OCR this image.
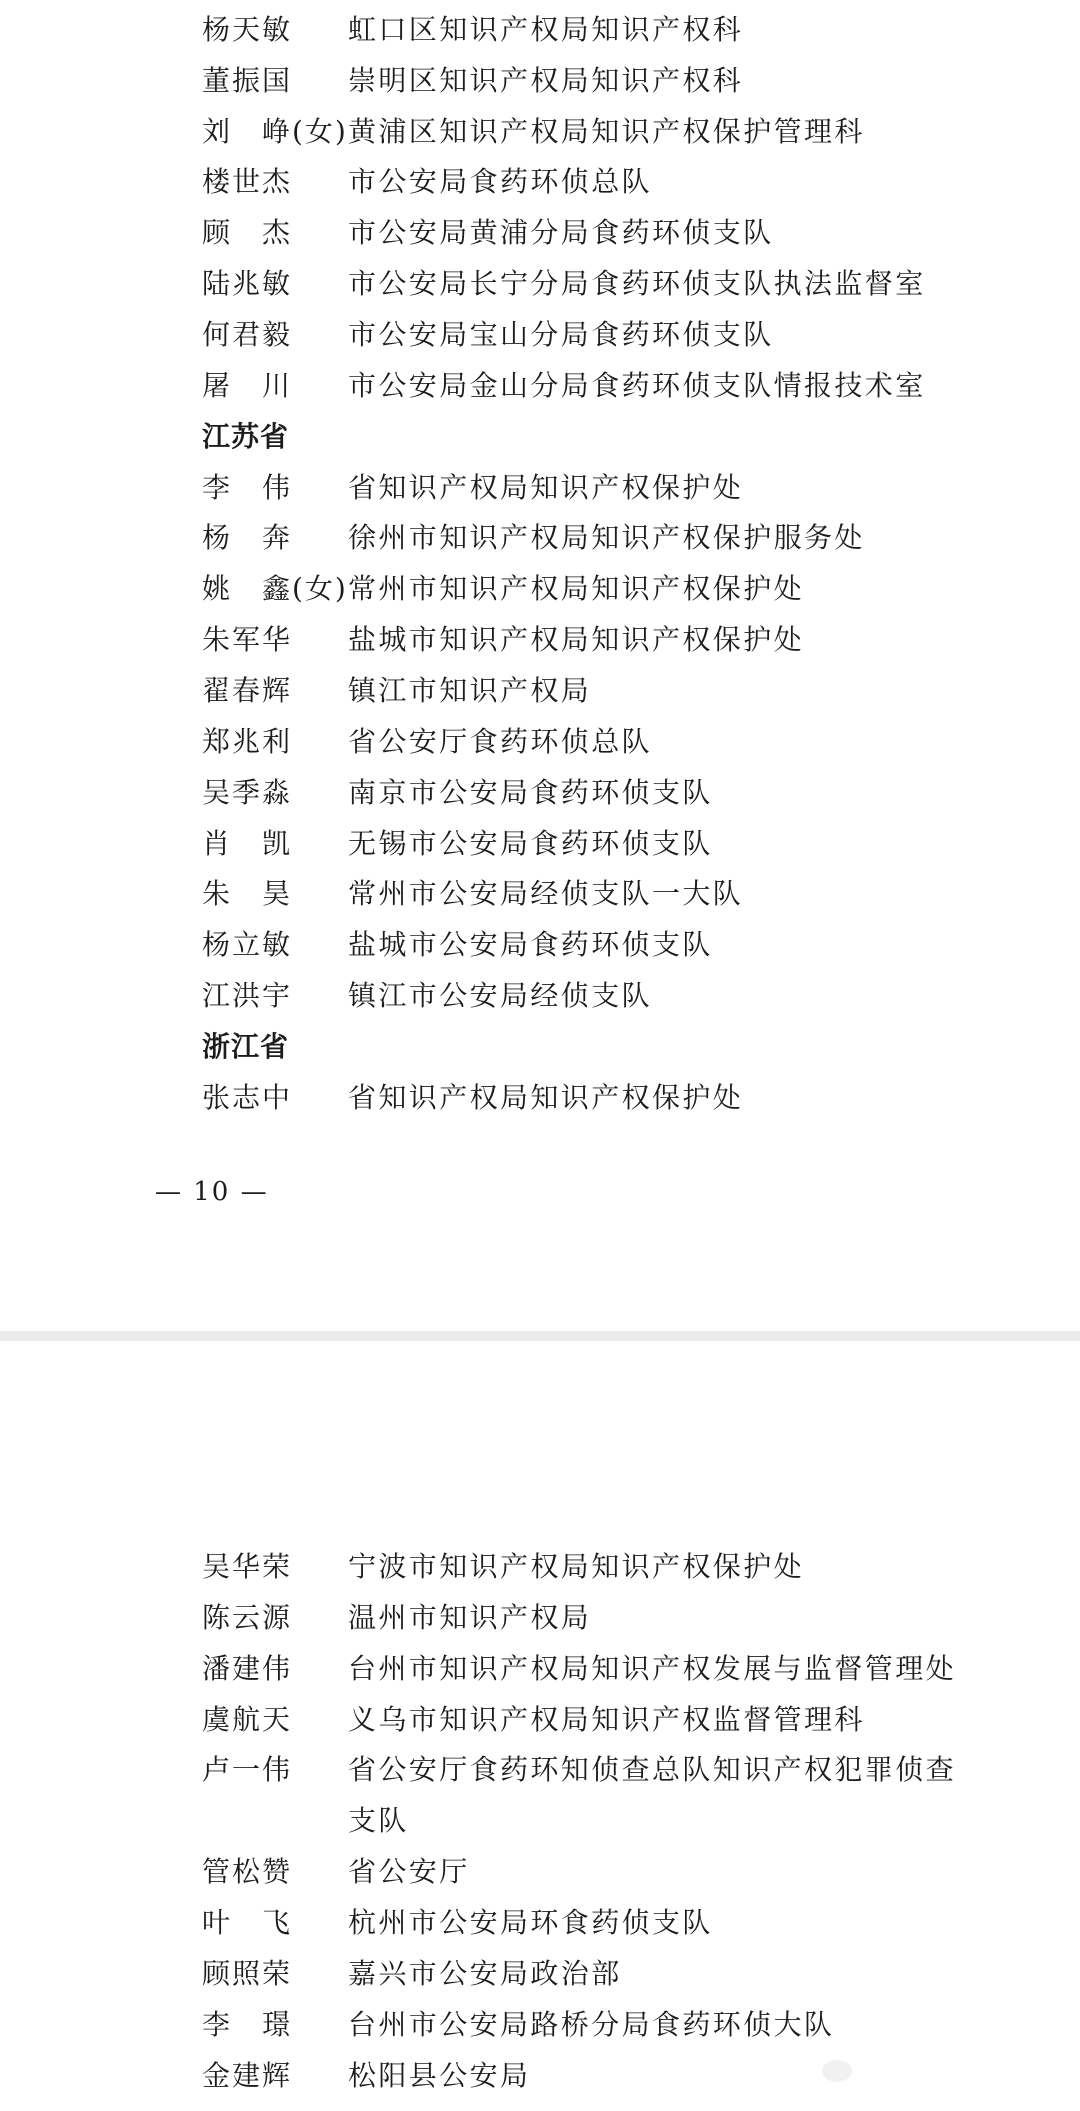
杨天敏 虹口区知识产权局知识产权科
董振国 崇明区知识产权局知识产权科
刘　峥(女) 黄浦区知识产权局知识产权保护管理科
楼世杰 市公安局食药环侦总队
顾　杰 市公安局黄浦分局食药环侦支队
陆兆敏 市公安局长宁分局食药环侦支队执法监督室
何君毅 市公安局宝山分局食药环侦支队
屠　川 市公安局金山分局食药环侦支队情报技术室
江苏省
李　伟 省知识产权局知识产权保护处
杨　奔 徐州市知识产权局知识产权保护服务处
姚　鑫(女) 常州市知识产权局知识产权保护处
朱军华 盐城市知识产权局知识产权保护处
翟春辉 镇江市知识产权局
郑兆利 省公安厅食药环侦总队
吴季淼 南京市公安局食药环侦支队
肖　凯 无锡市公安局食药环侦支队
朱　昊 常州市公安局经侦支队一大队
杨立敏 盐城市公安局食药环侦支队
江洪宇 镇江市公安局经侦支队
浙江省
张志中 省知识产权局知识产权保护处
— 10 —
吴华荣 宁波市知识产权局知识产权保护处
陈云源 温州市知识产权局
潘建伟 台州市知识产权局知识产权发展与监督管理处
虞航天 义乌市知识产权局知识产权监督管理科
卢一伟 省公安厅食药环知侦查总队知识产权犯罪侦查
支队
管松赞 省公安厅
叶　飞 杭州市公安局环食药侦支队
顾照荣 嘉兴市公安局政治部
李　璟 台州市公安局路桥分局食药环侦大队
金建辉 松阳县公安局
